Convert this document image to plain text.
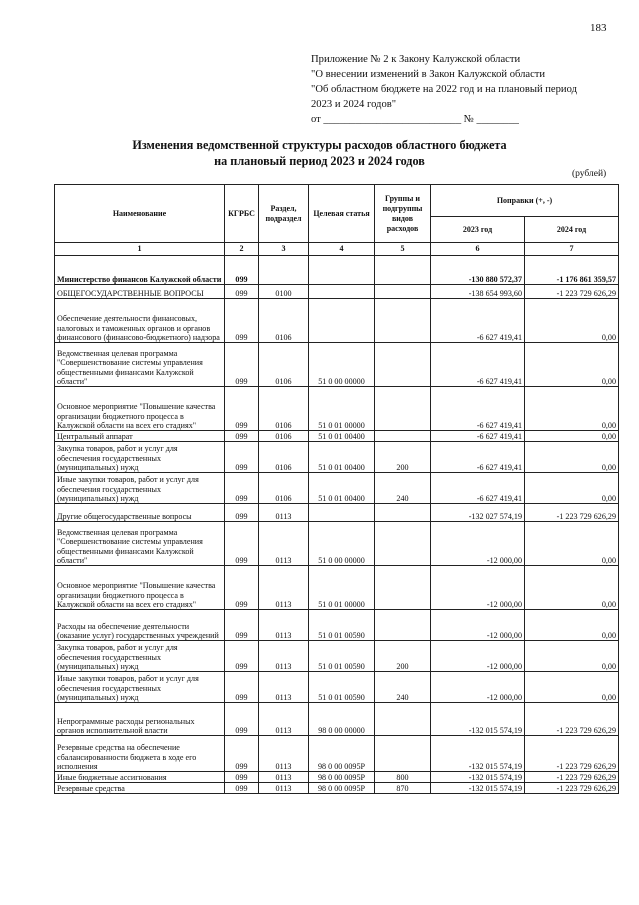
183
Приложение № 2 к Закону Калужской области
"О внесении изменений в Закон Калужской области
"Об областном бюджете на 2022 год и на плановый период
2023 и 2024 годов"
от __________________________ № ________
Изменения ведомственной структуры расходов областного бюджета
на плановый период 2023 и 2024 годов
(рублей)
Наименование	КГРБС	Раздел, подраздел	Целевая статья	Группы и подгруппы видов расходов	Поправки (+, -)	
					2023 год	2024 год
1	2	3	4	5	6	7
Министерство финансов Калужской области	099				-130 880 572,37	-1 176 861 359,57
ОБЩЕГОСУДАРСТВЕННЫЕ ВОПРОСЫ	099	0100			-138 654 993,60	-1 223 729 626,29
Обеспечение деятельности финансовых, налоговых и таможенных органов и органов финансового (финансово-бюджетного) надзора	099	0106			-6 627 419,41	0,00
Ведомственная целевая программа "Совершенствование системы управления общественными финансами Калужской области"	099	0106	51 0 00 00000		-6 627 419,41	0,00
Основное мероприятие "Повышение качества организации бюджетного процесса в Калужской области на всех его стадиях"	099	0106	51 0 01 00000		-6 627 419,41	0,00
Центральный аппарат	099	0106	51 0 01 00400		-6 627 419,41	0,00
Закупка товаров, работ и услуг для обеспечения государственных (муниципальных) нужд	099	0106	51 0 01 00400	200	-6 627 419,41	0,00
Иные закупки товаров, работ и услуг для обеспечения государственных (муниципальных) нужд	099	0106	51 0 01 00400	240	-6 627 419,41	0,00
Другие общегосударственные вопросы	099	0113			-132 027 574,19	-1 223 729 626,29
Ведомственная целевая программа "Совершенствование системы управления общественными финансами Калужской области"	099	0113	51 0 00 00000		-12 000,00	0,00
Основное мероприятие "Повышение качества организации бюджетного процесса в Калужской области на всех его стадиях"	099	0113	51 0 01 00000		-12 000,00	0,00
Расходы на обеспечение деятельности (оказание услуг) государственных учреждений	099	0113	51 0 01 00590		-12 000,00	0,00
Закупка товаров, работ и услуг для обеспечения государственных (муниципальных) нужд	099	0113	51 0 01 00590	200	-12 000,00	0,00
Иные закупки товаров, работ и услуг для обеспечения государственных (муниципальных) нужд	099	0113	51 0 01 00590	240	-12 000,00	0,00
Непрограммные расходы региональных органов исполнительной власти	099	0113	98 0 00 00000		-132 015 574,19	-1 223 729 626,29
Резервные средства на обеспечение сбалансированности бюджета в ходе его исполнения	099	0113	98 0 00 0095Р		-132 015 574,19	-1 223 729 626,29
Иные бюджетные ассигнования	099	0113	98 0 00 0095Р	800	-132 015 574,19	-1 223 729 626,29
Резервные средства	099	0113	98 0 00 0095Р	870	-132 015 574,19	-1 223 729 626,29
